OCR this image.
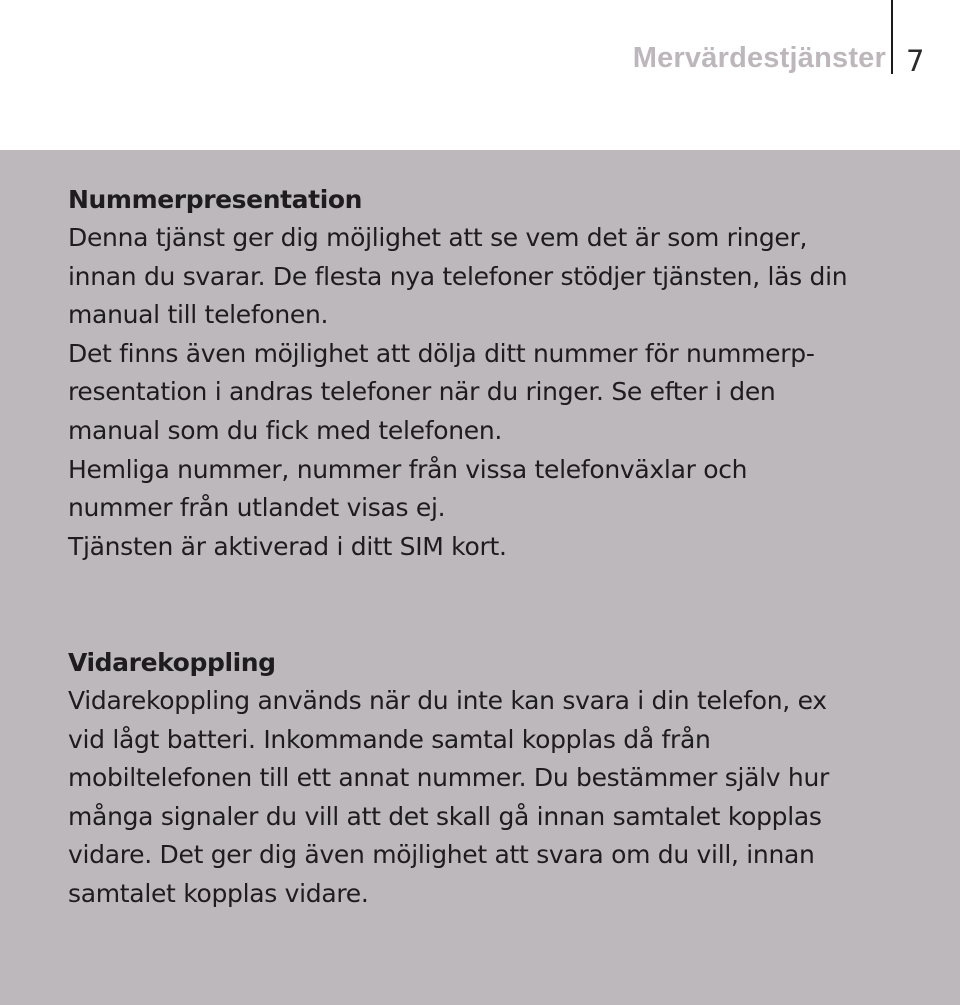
Mervärdestjänster 7
Nummerpresentation

Denna tjänst ger dig möjlighet att se vem det är som ringer,

innan du svarar. De flesta nya telefoner stödjer tjänsten, läs din

manual till telefonen.

Det finns även möjlighet att dölja ditt nummer för nummerp-

resentation i andras telefoner när du ringer. Se efter i den

manual som du fick med telefonen.

Hemliga nummer, nummer från vissa telefonväxlar och

nummer från utlandet visas ej.

Tjänsten är aktiverad i ditt SIM kort.

Vidarekoppling

Vidarekoppling används när du inte kan svara i din telefon, ex

vid lågt batteri. Inkommande samtal kopplas då från

mobiltelefonen till ett annat nummer. Du bestämmer själv hur

många signaler du vill att det skall gå innan samtalet kopplas

vidare. Det ger dig även möjlighet att svara om du vill, innan

samtalet kopplas vidare.
